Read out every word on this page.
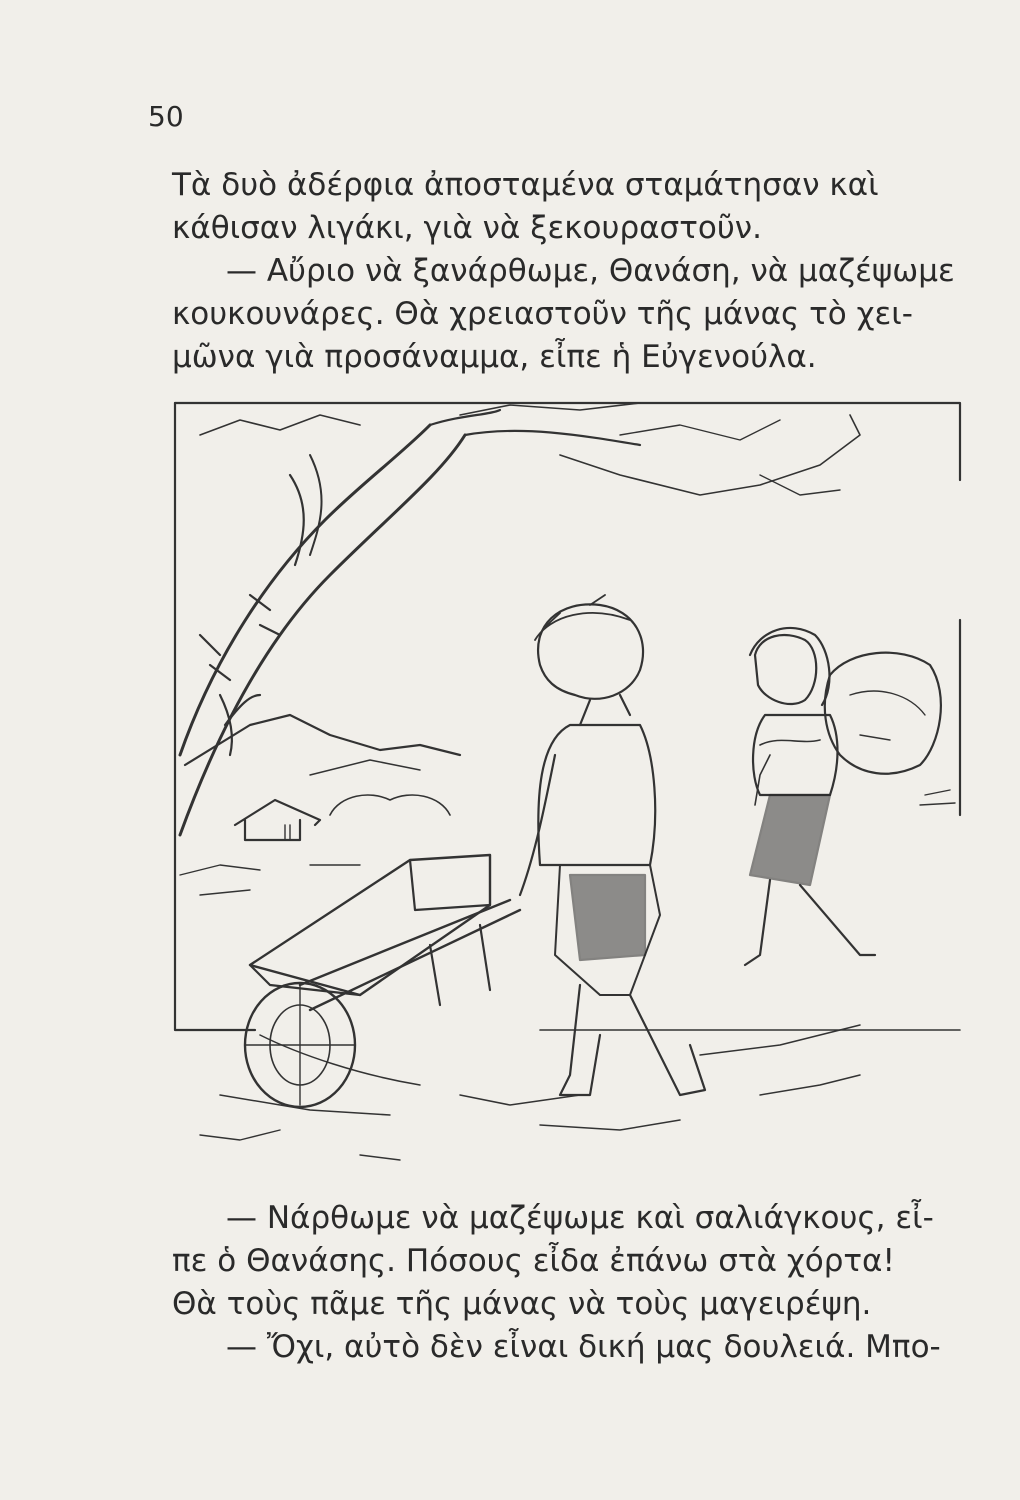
50

Τὰ δυὸ ἀδέρφια ἀποσταμένα σταμάτησαν καὶ
κάθισαν λιγάκι, γιὰ νὰ ξεκουραστοῦν.

— Αὔριο νὰ ξανάρθωμε, Θανάση, νὰ μαζέψωμε
κουκουνάρες. Θὰ χρειαστοῦν τῆς μάνας τὸ χει-
μῶνα γιὰ προσάναμμα, εἶπε ἡ Εὐγενούλα.

— Νάρθωμε νὰ μαζέψωμε καὶ σαλιάγκους, εἶ-
πε ὁ Θανάσης. Πόσους εἶδα ἐπάνω στὰ χόρτα!
Θὰ τοὺς πᾶμε τῆς μάνας νὰ τοὺς μαγειρέψη.

— Ὄχι, αὐτὸ δὲν εἶναι δική μας δουλειά. Μπο-
